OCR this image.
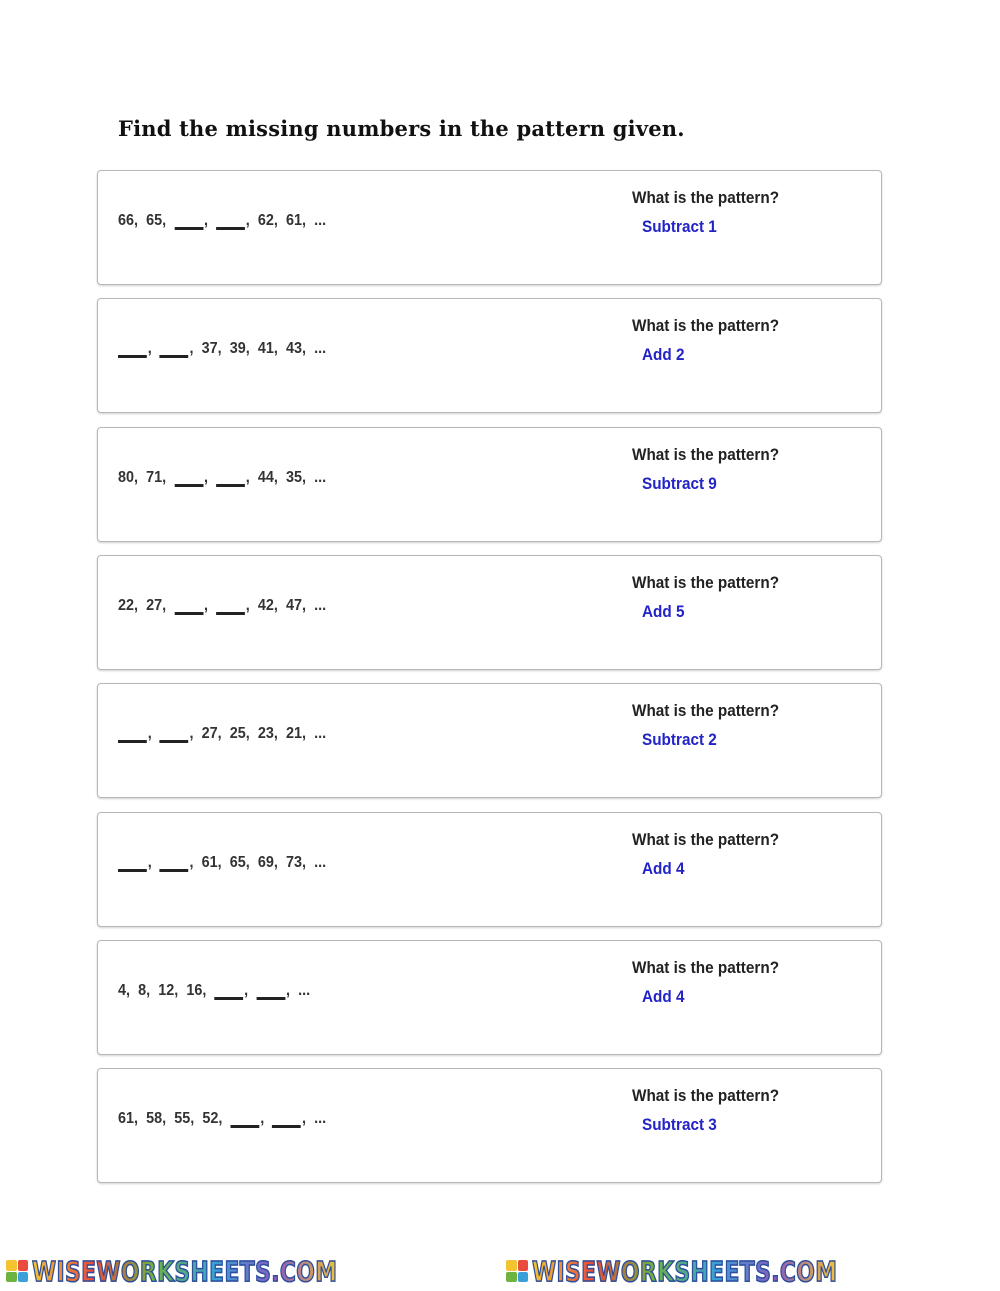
Find the missing numbers in the pattern given.
66, 65, , , 62, 61, ...
What is the pattern?
Subtract 1
, , 37, 39, 41, 43, ...
What is the pattern?
Add 2
80, 71, , , 44, 35, ...
What is the pattern?
Subtract 9
22, 27, , , 42, 47, ...
What is the pattern?
Add 5
, , 27, 25, 23, 21, ...
What is the pattern?
Subtract 2
, , 61, 65, 69, 73, ...
What is the pattern?
Add 4
4, 8, 12, 16, , , ...
What is the pattern?
Add 4
61, 58, 55, 52, , , ...
What is the pattern?
Subtract 3
WISEWORKSHEETS.COM	WISEWORKSHEETS.COM
